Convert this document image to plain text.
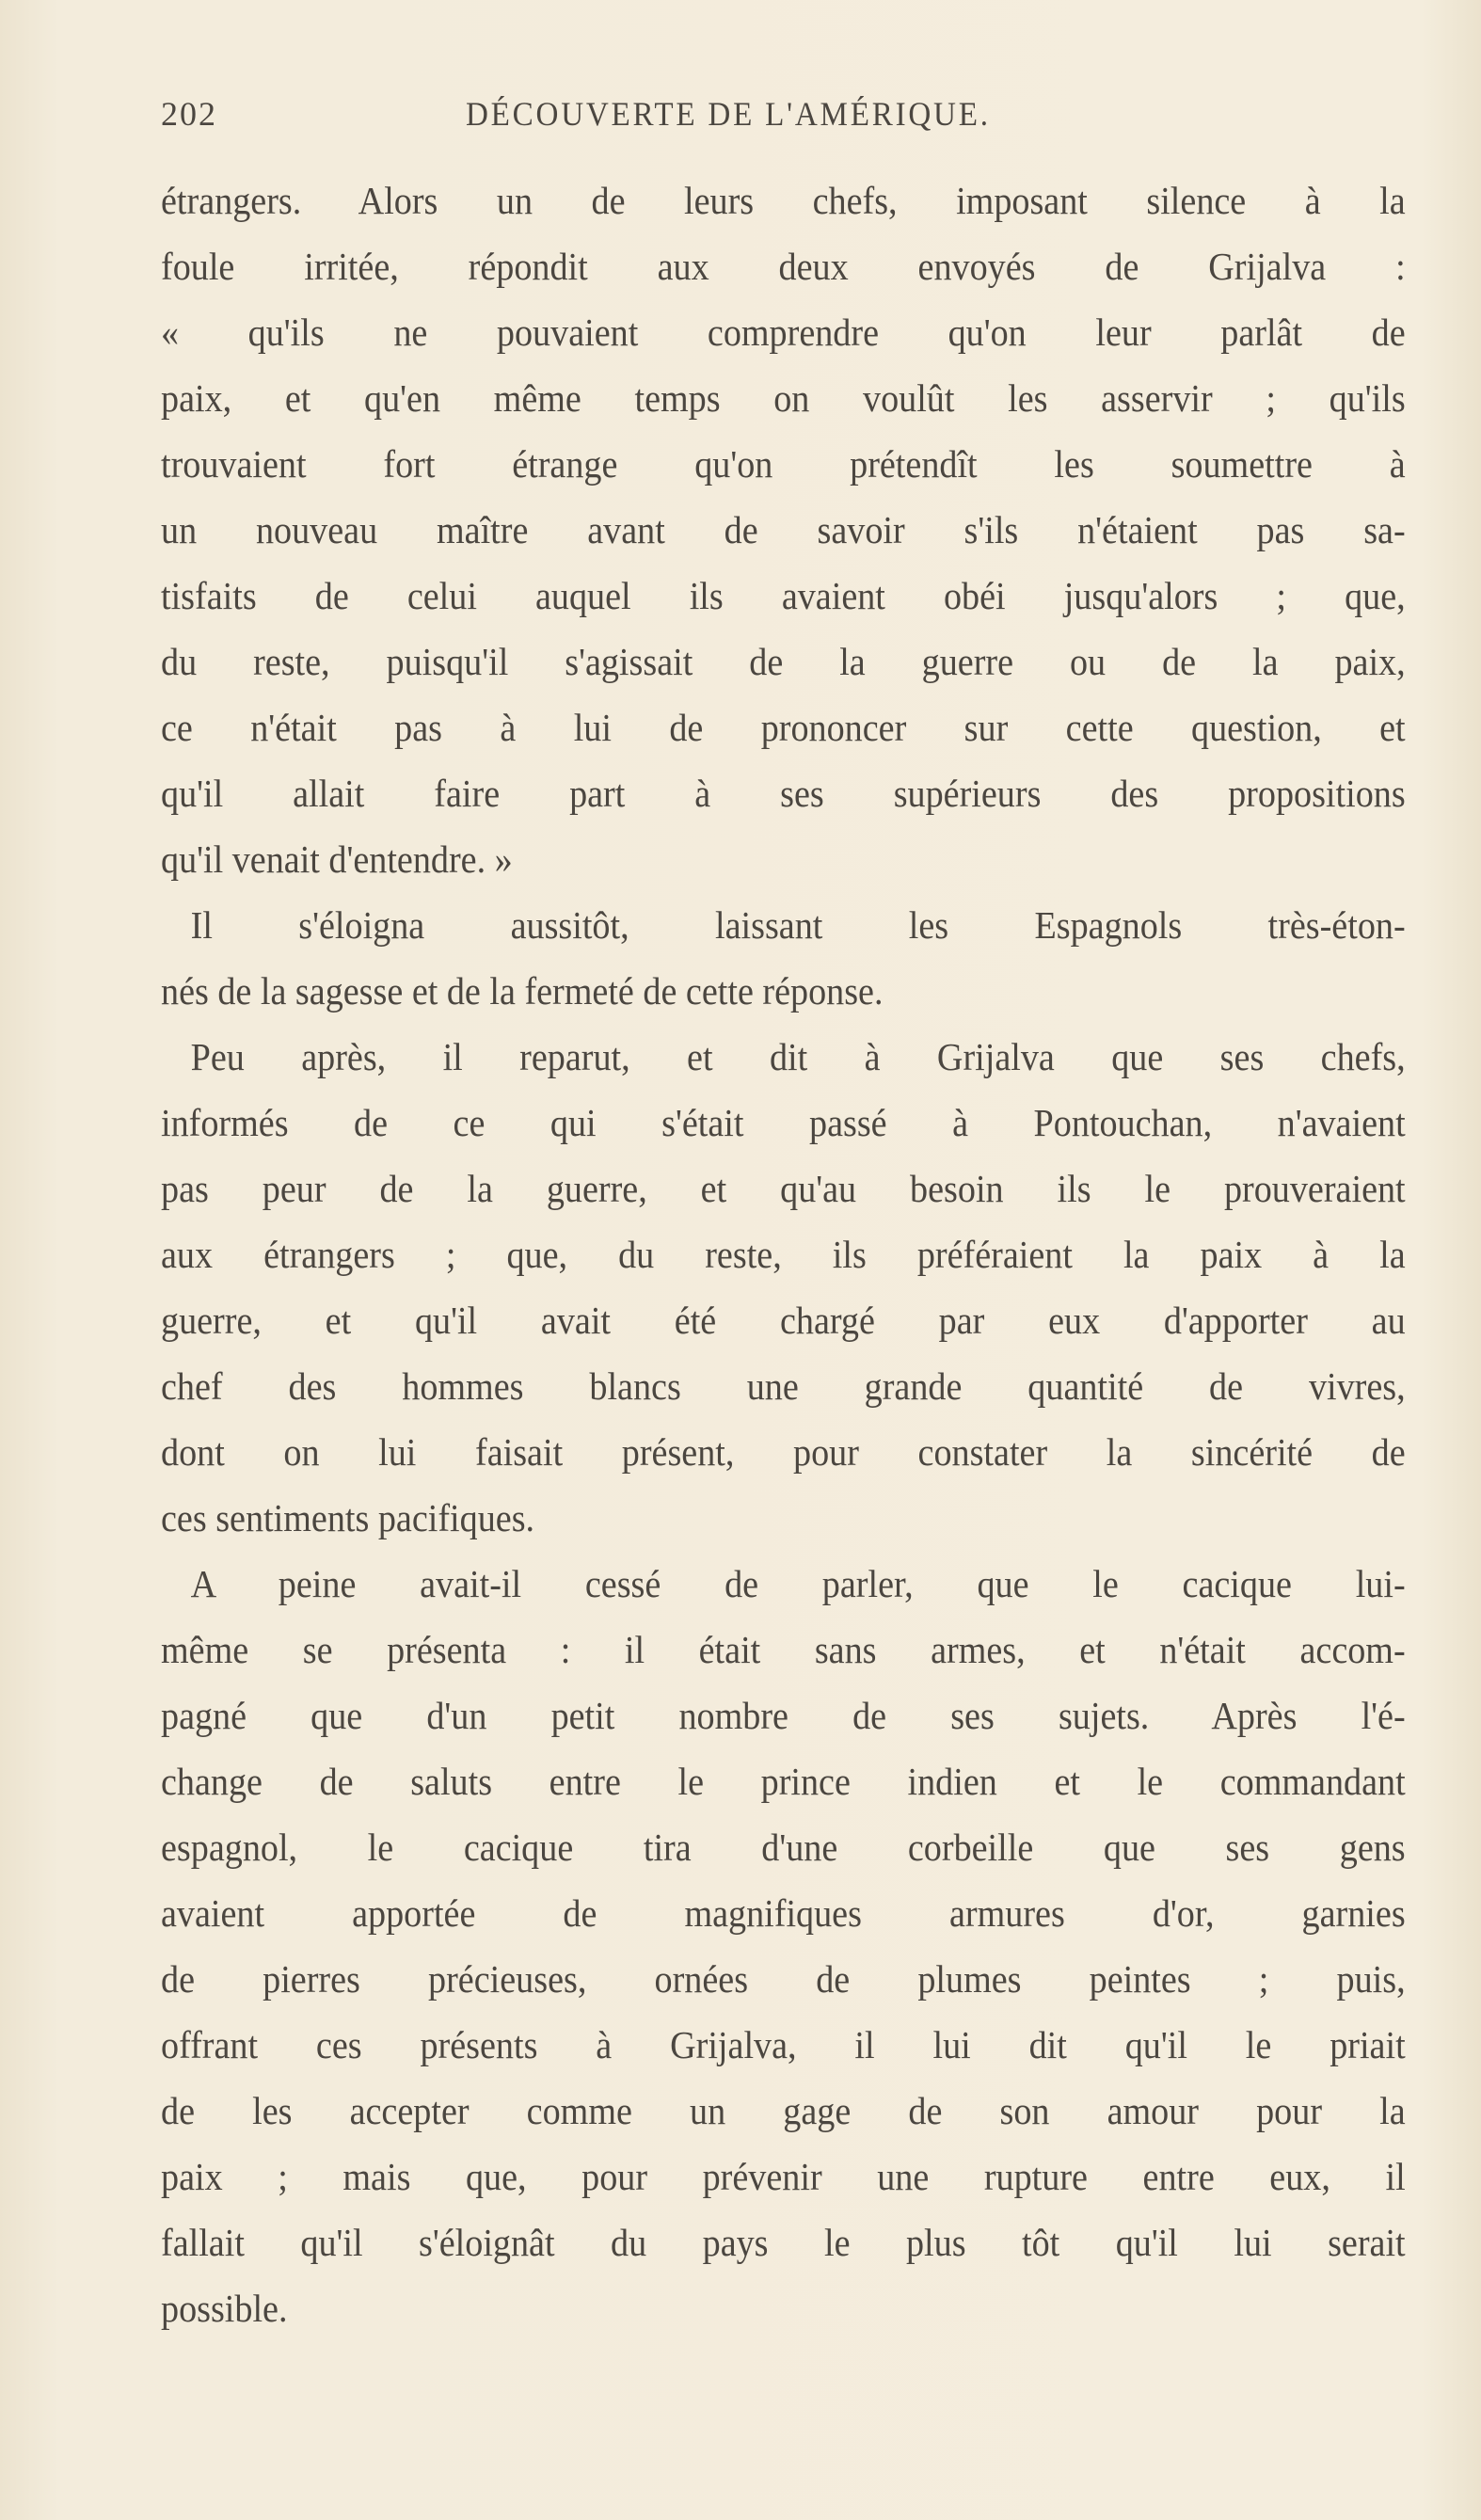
202	DÉCOUVERTE DE L'AMÉRIQUE.
étrangers. Alors un de leurs chefs, imposant silence à la
foule irritée, répondit aux deux envoyés de Grijalva :
« qu'ils ne pouvaient comprendre qu'on leur parlât de
paix, et qu'en même temps on voulût les asservir ; qu'ils
trouvaient fort étrange qu'on prétendît les soumettre à
un nouveau maître avant de savoir s'ils n'étaient pas sa-
tisfaits de celui auquel ils avaient obéi jusqu'alors ; que,
du reste, puisqu'il s'agissait de la guerre ou de la paix,
ce n'était pas à lui de prononcer sur cette question, et
qu'il allait faire part à ses supérieurs des propositions
qu'il venait d'entendre. »
Il s'éloigna aussitôt, laissant les Espagnols très-éton-
nés de la sagesse et de la fermeté de cette réponse.
Peu après, il reparut, et dit à Grijalva que ses chefs,
informés de ce qui s'était passé à Pontouchan, n'avaient
pas peur de la guerre, et qu'au besoin ils le prouveraient
aux étrangers ; que, du reste, ils préféraient la paix à la
guerre, et qu'il avait été chargé par eux d'apporter au
chef des hommes blancs une grande quantité de vivres,
dont on lui faisait présent, pour constater la sincérité de
ces sentiments pacifiques.
A peine avait-il cessé de parler, que le cacique lui-
même se présenta : il était sans armes, et n'était accom-
pagné que d'un petit nombre de ses sujets. Après l'é-
change de saluts entre le prince indien et le commandant
espagnol, le cacique tira d'une corbeille que ses gens
avaient apportée de magnifiques armures d'or, garnies
de pierres précieuses, ornées de plumes peintes ; puis,
offrant ces présents à Grijalva, il lui dit qu'il le priait
de les accepter comme un gage de son amour pour la
paix ; mais que, pour prévenir une rupture entre eux, il
fallait qu'il s'éloignât du pays le plus tôt qu'il lui serait
possible.
